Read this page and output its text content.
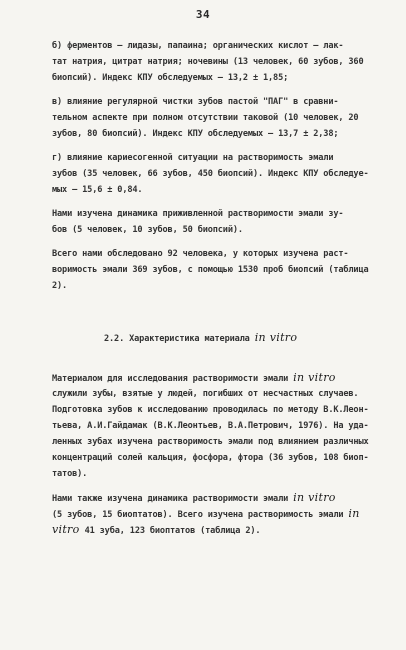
34
б) ферментов – лидазы, папаина; органических кислот – лак-
тат натрия, цитрат натрия; ночевины (13 человек, 60 зубов, 360
биопсий). Индекс КПУ обследуемых – 13,2 ± 1,85;
в) влияние регулярной чистки зубов пастой "ПАГ" в сравни-
тельном аспекте при полном отсутствии таковой (10 человек, 20
зубов, 80 биопсий). Индекс КПУ обследуемых – 13,7 ± 2,38;
г) влияние кариесогенной ситуации на растворимость эмали
зубов (35 человек, 66 зубов, 450 биопсий). Индекс КПУ обследуе-
мых – 15,6 ± 0,84.
Нами изучена динамика приживленной растворимости эмали зу-
бов (5 человек, 10 зубов, 50 биопсий).
Всего нами обследовано 92 человека, у которых изучена раст-
воримость эмали 369 зубов, с помощью 1530 проб биопсий (таблица
2).
2.2. Характеристика материала in vitro
Материалом для исследования растворимости эмали in vitro
служили зубы, взятые у людей, погибших от несчастных случаев.
Подготовка зубов к исследованию проводилась по методу В.К.Леон-
тьева, А.И.Гайдамак (В.К.Леонтьев, В.А.Петрович, 1976). На уда-
ленных зубах изучена растворимость эмали под влиянием различных
концентраций солей кальция, фосфора, фтора (36 зубов, 108 биоп-
татов).
Нами также изучена динамика растворимости эмали in vitro
(5 зубов, 15 биоптатов). Всего изучена растворимость эмали in
vitro 41 зуба, 123 биоптатов (таблица 2).
